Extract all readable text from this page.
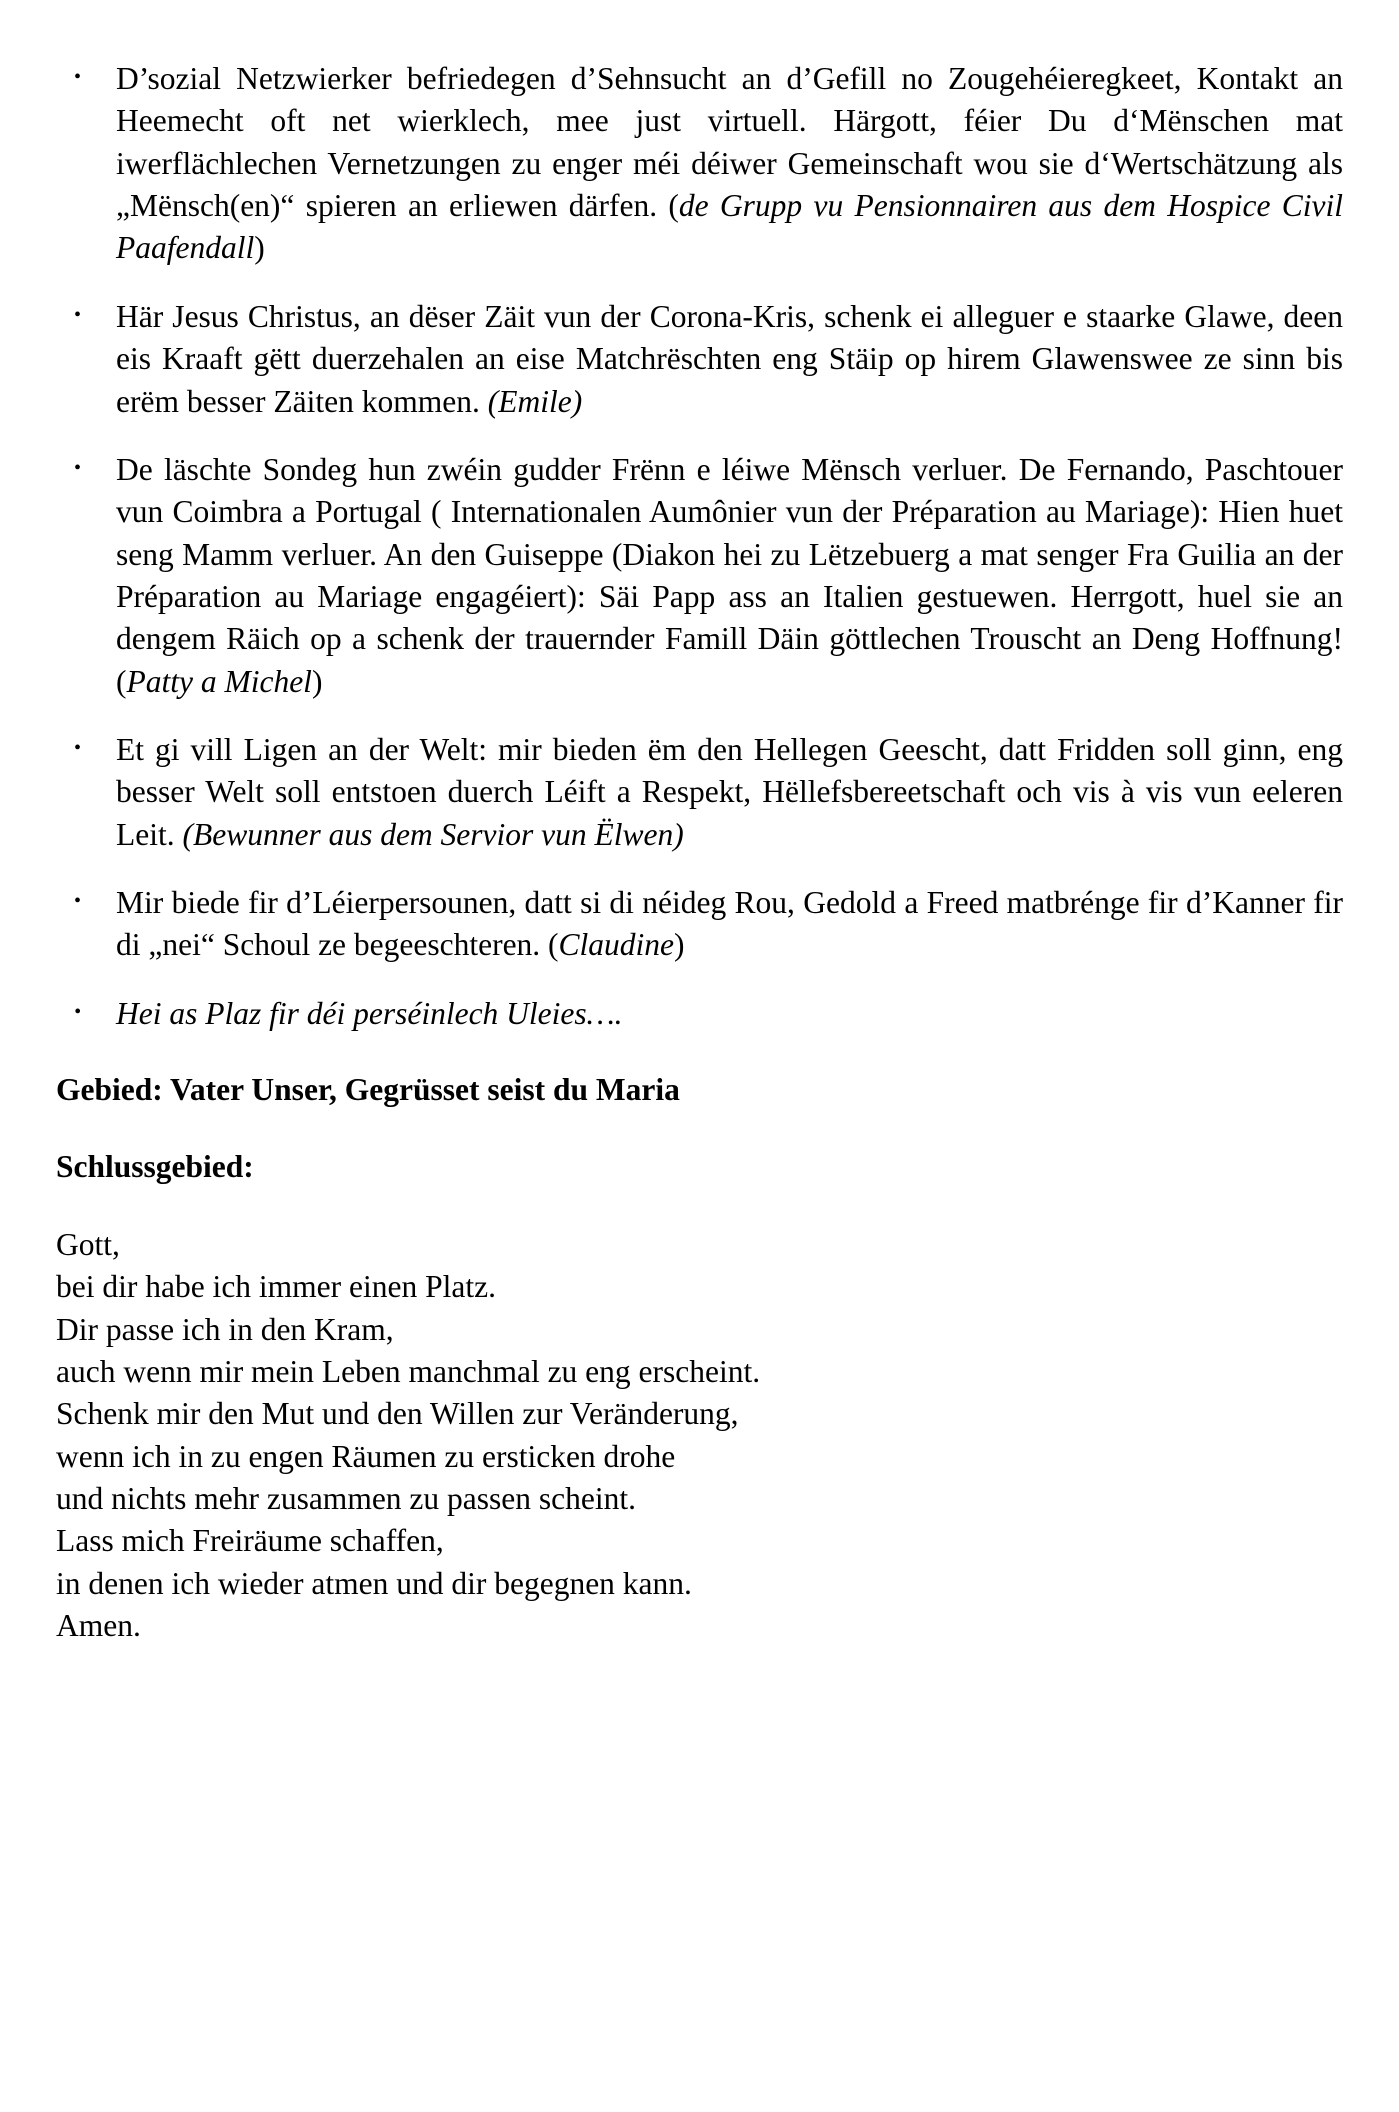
• D’sozial Netzwierker befriedegen d’Sehnsucht an d’Gefill no Zougehéieregkeet, Kontakt an Heemecht oft net wierklech, mee just virtuell. Härgott, féier Du d‘Mënschen mat iwerflächlechen Vernetzungen zu enger méi déiwer Gemeinschaft wou sie d‘Wertschätzung als „Mënsch(en)“ spieren an erliewen därfen. (de Grupp vu Pensionnairen aus dem Hospice Civil Paafendall)
• Här Jesus Christus, an dëser Zäit vun der Corona-Kris, schenk ei alleguer e staarke Glawe, deen eis Kraaft gëtt duerzehalen an eise Matchrëschten eng Stäip op hirem Glawenswee ze sinn bis erëm besser Zäiten kommen. (Emile)
• De läschte Sondeg hun zwéin gudder Frënn e léiwe Mënsch verluer. De Fernando, Paschtouer vun Coimbra a Portugal ( Internationalen Aumônier vun der Préparation au Mariage): Hien huet seng Mamm verluer. An den Guiseppe (Diakon hei zu Lëtzebuerg a mat senger Fra Guilia an der Préparation au Mariage engagéiert): Säi Papp ass an Italien gestuewen. Herrgott, huel sie an dengem Räich op a schenk der trauernder Famill Däin göttlechen Trouscht an Deng Hoffnung! (Patty a Michel)
• Et gi vill Ligen an der Welt: mir bieden ëm den Hellegen Geescht, datt Fridden soll ginn, eng besser Welt soll entstoen duerch Léift a Respekt, Hëllefsbereetschaft och vis à vis vun eeleren Leit. (Bewunner aus dem Servior vun Ëlwen)
• Mir biede fir d’Léierpersounen, datt si di néideg Rou, Gedold a Freed matbrénge fir d’Kanner fir di „nei“ Schoul ze begeeschteren. (Claudine)
• Hei as Plaz fir déi perséinlech Uleies….

Gebied: Vater Unser, Gegrüsset seist du Maria

Schlussgebied:

Gott,
bei dir habe ich immer einen Platz.
Dir passe ich in den Kram,
auch wenn mir mein Leben manchmal zu eng erscheint.
Schenk mir den Mut und den Willen zur Veränderung,
wenn ich in zu engen Räumen zu ersticken drohe
und nichts mehr zusammen zu passen scheint.
Lass mich Freiräume schaffen,
in denen ich wieder atmen und dir begegnen kann.
Amen.
